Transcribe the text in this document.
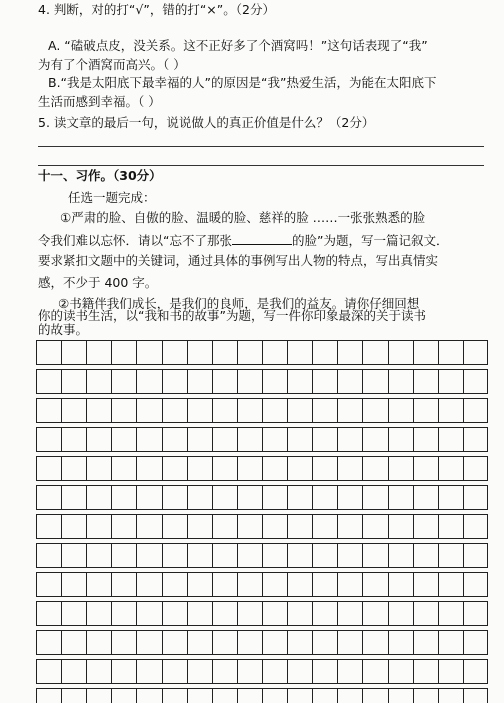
4. 判断，对的打“√”，错的打“×”。（2分）
A. “磕破点皮，没关系。这不正好多了个酒窝吗！”这句话表现了“我”
为有了个酒窝而高兴。（ ）
B.“我是太阳底下最幸福的人”的原因是“我”热爱生活，为能在太阳底下
生活而感到幸福。（ ）
5. 读文章的最后一句，说说做人的真正价值是什么？（2分）
十一、习作。（30分）
任选一题完成：
①严肃的脸、自傲的脸、温暖的脸、慈祥的脸 ……一张张熟悉的脸
令我们难以忘怀．请以“忘不了那张	的脸”为题，写一篇记叙文．
要求紧扣文题中的关键词，通过具体的事例写出人物的特点，写出真情实
感，不少于 400 字。
②书籍伴我们成长，是我们的良师，是我们的益友。请你仔细回想
你的读书生活，以“我和书的故事”为题，写一件你印象最深的关于读书
的故事。
